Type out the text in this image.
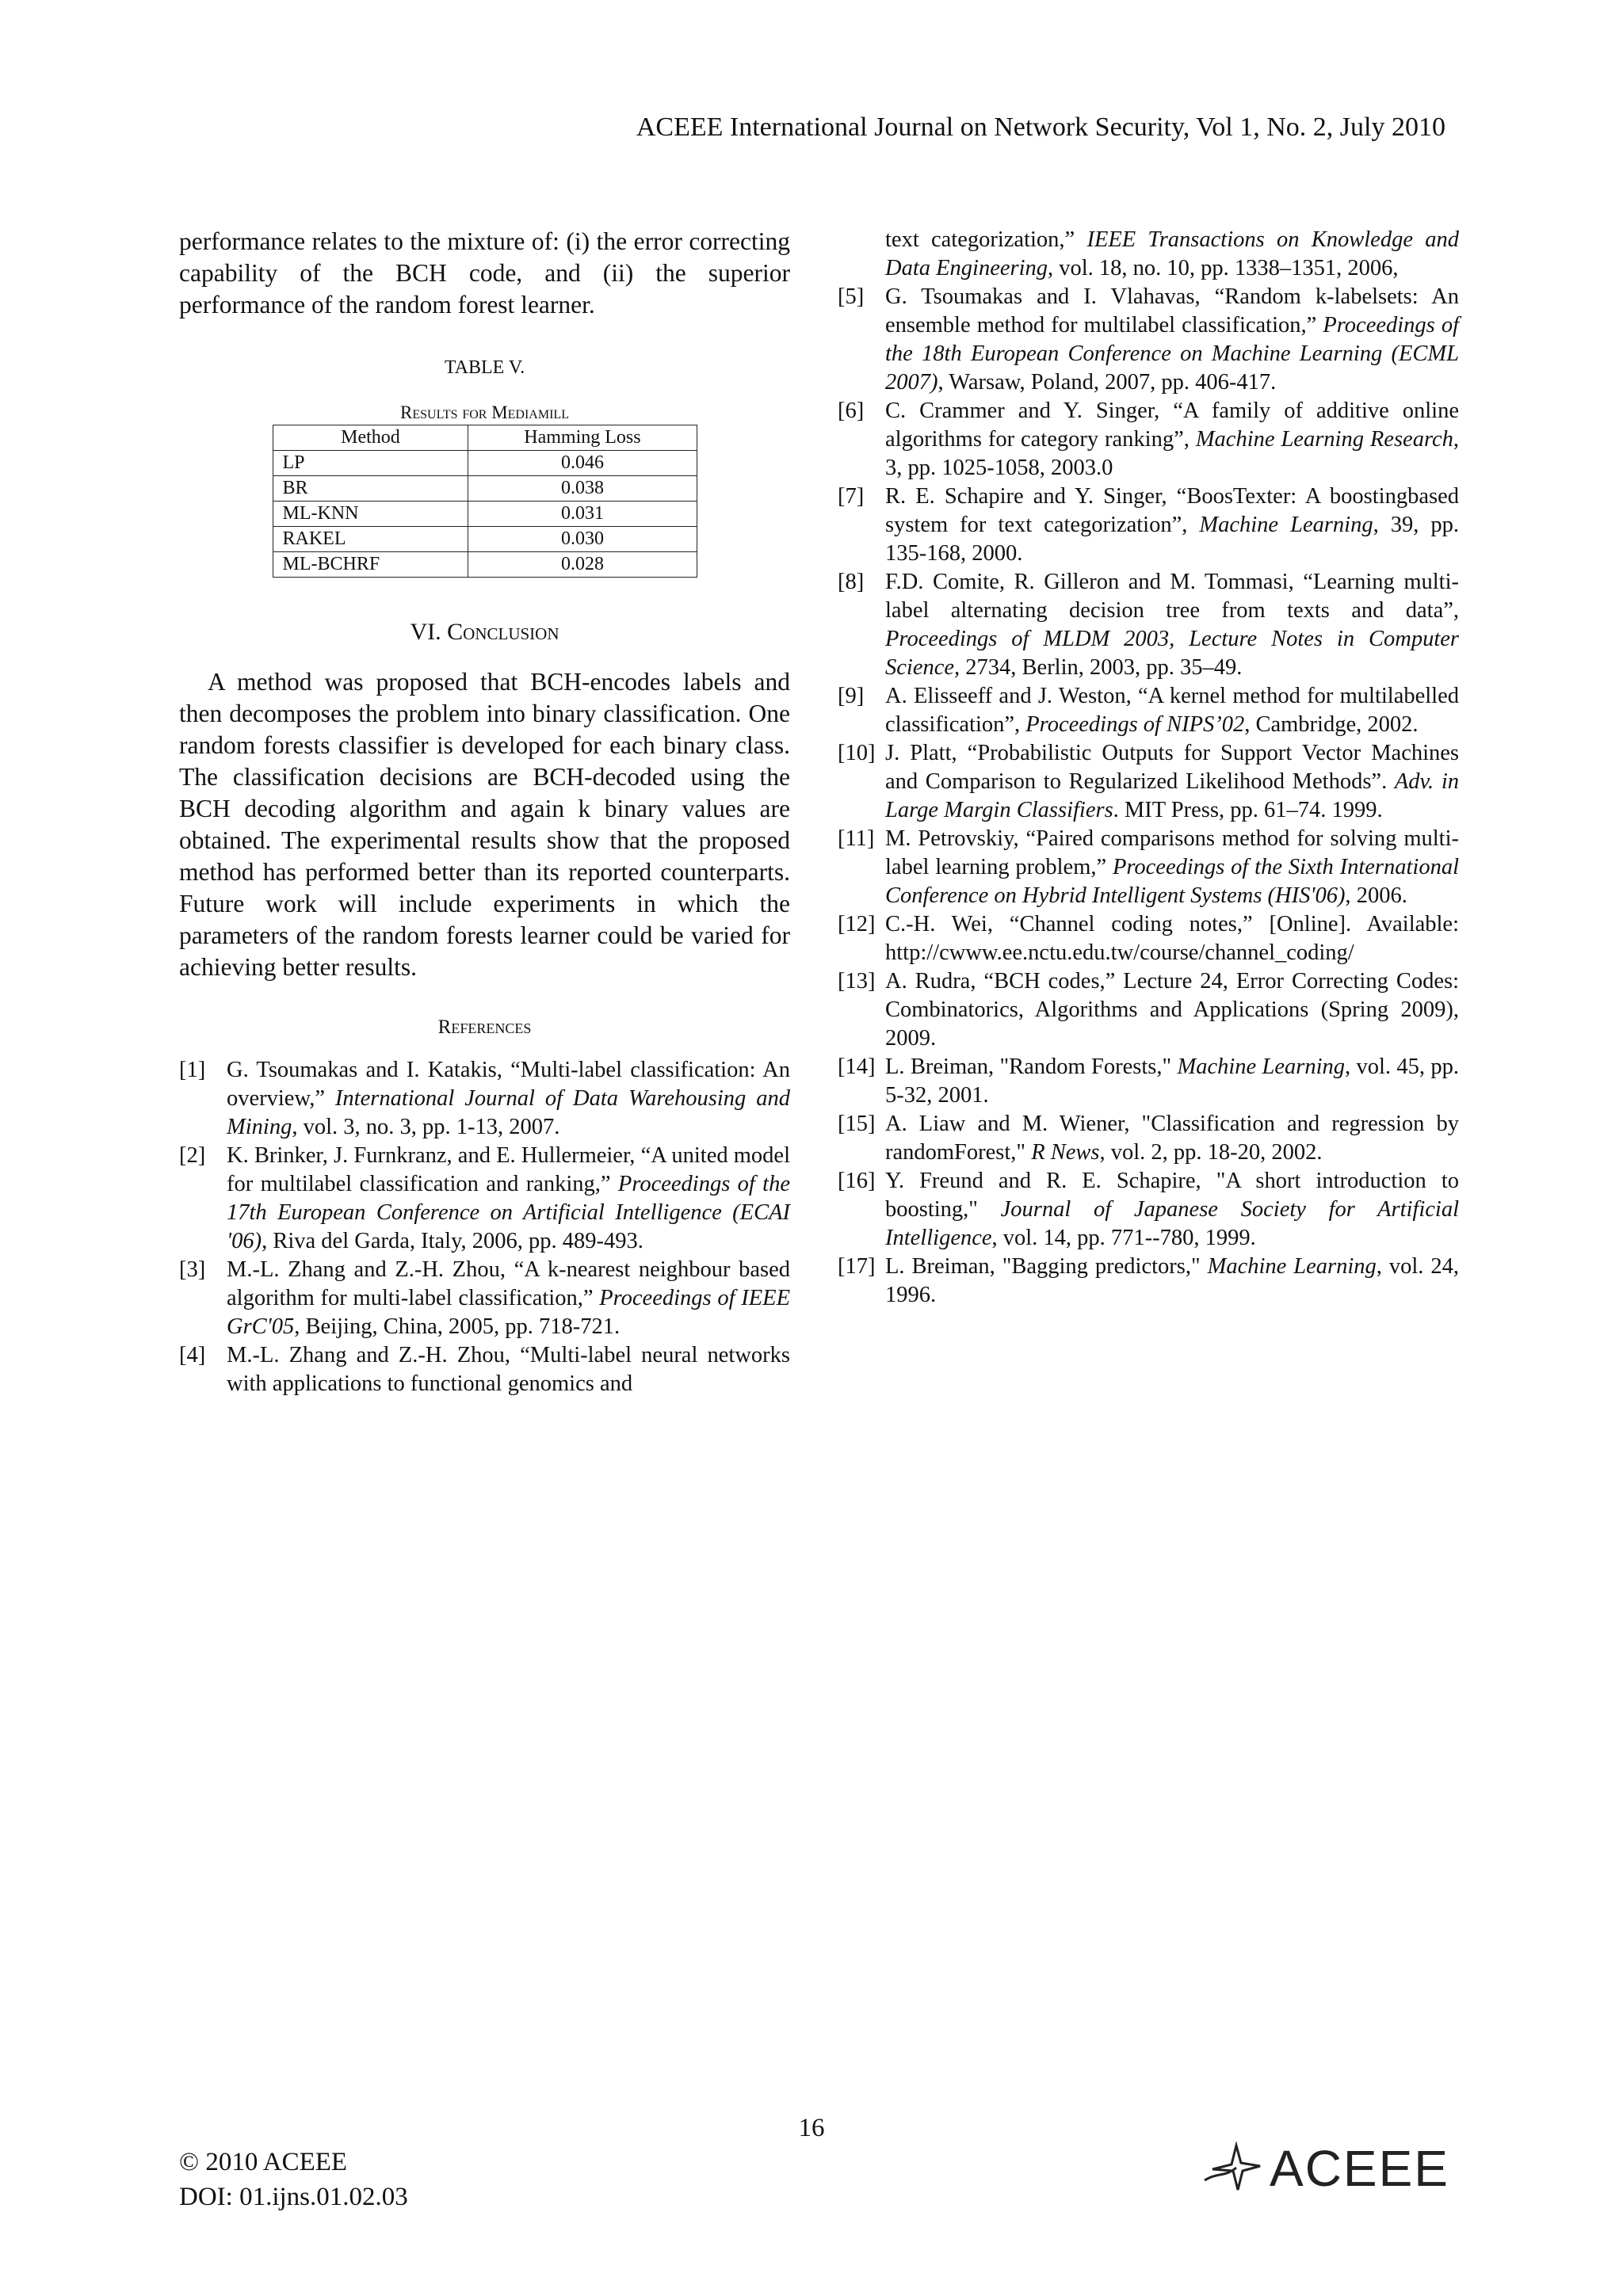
ACEEE International Journal on Network Security, Vol 1, No. 2, July 2010

performance relates to the mixture of: (i) the error correcting capability of the BCH code, and (ii) the superior performance of the random forest learner.

TABLE V.
Results for Mediamill
Method	Hamming Loss
LP	0.046
BR	0.038
ML-KNN	0.031
RAKEL	0.030
ML-BCHRF	0.028
VI. Conclusion

A method was proposed that BCH-encodes labels and then decomposes the problem into binary classification. One random forests classifier is developed for each binary class. The classification decisions are BCH-decoded using the BCH decoding algorithm and again k binary values are obtained. The experimental results show that the proposed method has performed better than its reported counterparts. Future work will include experiments in which the parameters of the random forests learner could be varied for achieving better results.

References
[1] G. Tsoumakas and I. Katakis, “Multi-label classification: An overview,” International Journal of Data Warehousing and Mining, vol. 3, no. 3, pp. 1-13, 2007.
[2] K. Brinker, J. Furnkranz, and E. Hullermeier, “A united model for multilabel classification and ranking,” Proceedings of the 17th European Conference on Artificial Intelligence (ECAI '06), Riva del Garda, Italy, 2006, pp. 489-493.
[3] M.-L. Zhang and Z.-H. Zhou, “A k-nearest neighbour based algorithm for multi-label classification,” Proceedings of IEEE GrC'05, Beijing, China, 2005, pp. 718-721.
[4] M.-L. Zhang and Z.-H. Zhou, “Multi-label neural networks with applications to functional genomics and
text categorization,” IEEE Transactions on Knowledge and Data Engineering, vol. 18, no. 10, pp. 1338–1351, 2006,
[5] G. Tsoumakas and I. Vlahavas, “Random k-labelsets: An ensemble method for multilabel classification,” Proceedings of the 18th European Conference on Machine Learning (ECML 2007), Warsaw, Poland, 2007, pp. 406-417.
[6] C. Crammer and Y. Singer, “A family of additive online algorithms for category ranking”, Machine Learning Research, 3, pp. 1025-1058, 2003.0
[7] R. E. Schapire and Y. Singer, “BoosTexter: A boostingbased system for text categorization”, Machine Learning, 39, pp. 135-168, 2000.
[8] F.D. Comite, R. Gilleron and M. Tommasi, “Learning multi-label alternating decision tree from texts and data”, Proceedings of MLDM 2003, Lecture Notes in Computer Science, 2734, Berlin, 2003, pp. 35–49.
[9] A. Elisseeff and J. Weston, “A kernel method for multilabelled classification”, Proceedings of NIPS’02, Cambridge, 2002.
[10] J. Platt, “Probabilistic Outputs for Support Vector Machines and Comparison to Regularized Likelihood Methods”. Adv. in Large Margin Classifiers. MIT Press, pp. 61–74. 1999.
[11] M. Petrovskiy, “Paired comparisons method for solving multi-label learning problem,” Proceedings of the Sixth International Conference on Hybrid Intelligent Systems (HIS'06), 2006.
[12] C.-H. Wei, “Channel coding notes,” [Online]. Available: http://cwww.ee.nctu.edu.tw/course/channel_coding/
[13] A. Rudra, “BCH codes,” Lecture 24, Error Correcting Codes: Combinatorics, Algorithms and Applications (Spring 2009), 2009.
[14] L. Breiman, "Random Forests," Machine Learning, vol. 45, pp. 5-32, 2001.
[15] A. Liaw and M. Wiener, "Classification and regression by randomForest," R News, vol. 2, pp. 18-20, 2002.
[16] Y. Freund and R. E. Schapire, "A short introduction to boosting," Journal of Japanese Society for Artificial Intelligence, vol. 14, pp. 771--780, 1999.
[17] L. Breiman, "Bagging predictors," Machine Learning, vol. 24, 1996.
16
© 2010 ACEEE
DOI: 01.ijns.01.02.03	ACEEE
